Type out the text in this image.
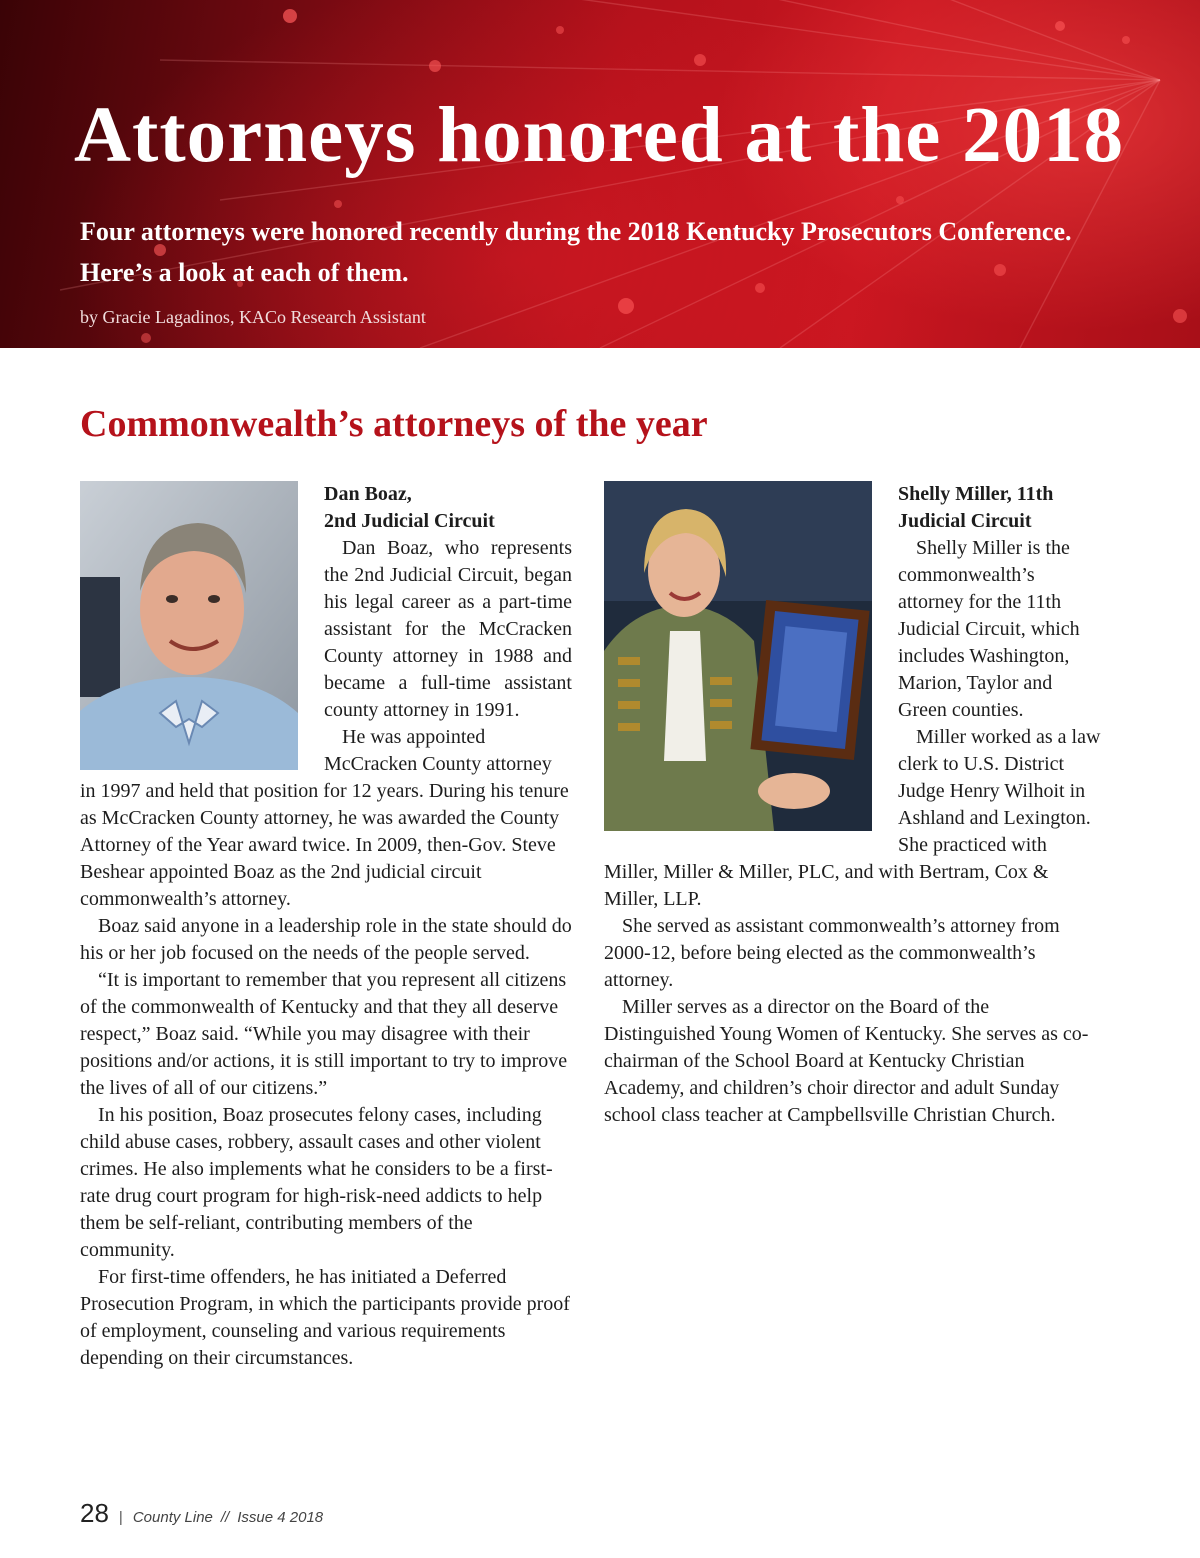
Attorneys honored at the 2018
Four attorneys were honored recently during the 2018 Kentucky Prosecutors Conference.
Here’s a look at each of them.
by Gracie Lagadinos, KACo Research Assistant
Commonwealth’s attorneys of the year
Dan Boaz,
2nd Judicial Circuit

Dan Boaz, who represents the 2nd Judicial Circuit, began his legal career as a part-time assistant for the McCracken County attorney in 1988 and became a full-time assistant county attorney in 1991.

He was appointed McCracken County attorney in 1997 and held that position for 12 years. During his tenure as McCracken County attorney, he was awarded the County Attorney of the Year award twice. In 2009, then-Gov. Steve Beshear appointed Boaz as the 2nd judicial circuit commonwealth’s attorney.

Boaz said anyone in a leadership role in the state should do his or her job focused on the needs of the people served.

“It is important to remember that you represent all citizens of the commonwealth of Kentucky and that they all deserve respect,” Boaz said. “While you may disagree with their positions and/or actions, it is still important to try to improve the lives of all of our citizens.”

In his position, Boaz prosecutes felony cases, including child abuse cases, robbery, assault cases and other violent crimes. He also implements what he considers to be a first-rate drug court program for high-risk-need addicts to help them be self-reliant, contributing members of the community.

For first-time offenders, he has initiated a Deferred Prosecution Program, in which the participants provide proof of employment, counseling and various requirements depending on their circumstances.

Shelly Miller, 11th
Judicial Circuit

Shelly Miller is the commonwealth’s attorney for the 11th Judicial Circuit, which includes Washington, Marion, Taylor and Green counties.

Miller worked as a law clerk to U.S. District Judge Henry Wilhoit in Ashland and Lexington. She practiced with Miller, Miller & Miller, PLC, and with Bertram, Cox & Miller, LLP.

She served as assistant commonwealth’s attorney from 2000-12, before being elected as the commonwealth’s attorney.

Miller serves as a director on the Board of the Distinguished Young Women of Kentucky. She serves as co-chairman of the School Board at Kentucky Christian Academy, and children’s choir director and adult Sunday school class teacher at Campbellsville Christian Church.

28 | County Line // Issue 4 2018
